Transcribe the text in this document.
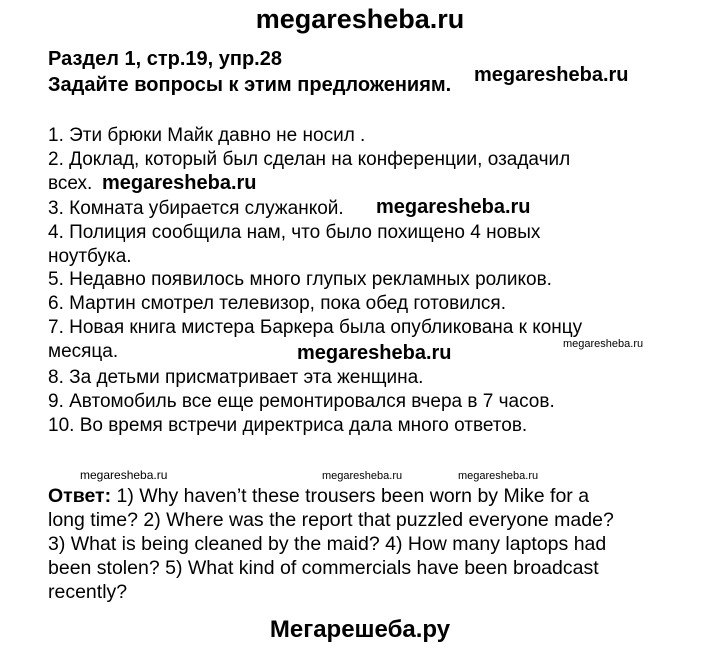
megaresheba.ru
Раздел 1, стр.19, упр.28
Задайте вопросы к этим предложениям. megaresheba.ru
1. Эти брюки Майк давно не носил .
2. Доклад, который был сделан на конференции, озадачил
всех. megaresheba.ru
3. Комната убирается служанкой. megaresheba.ru
4. Полиция сообщила нам, что было похищено 4 новых
ноутбука.
5. Недавно появилось много глупых рекламных роликов.
6. Мартин смотрел телевизор, пока обед готовился.
7. Новая книга мистера Баркера была опубликована к концу
megaresheba.ru
месяца.	megaresheba.ru
8. За детьми присматривает эта женщина.
9. Автомобиль все еще ремонтировался вчера в 7 часов.
10. Во время встречи директриса дала много ответов.
megaresheba.ru	megaresheba.ru	megaresheba.ru
Ответ: 1) Why haven’t these trousers been worn by Mike for a
long time? 2) Where was the report that puzzled everyone made?
3) What is being cleaned by the maid? 4) How many laptops had
been stolen? 5) What kind of commercials have been broadcast
recently?
Мегарешеба.ру
